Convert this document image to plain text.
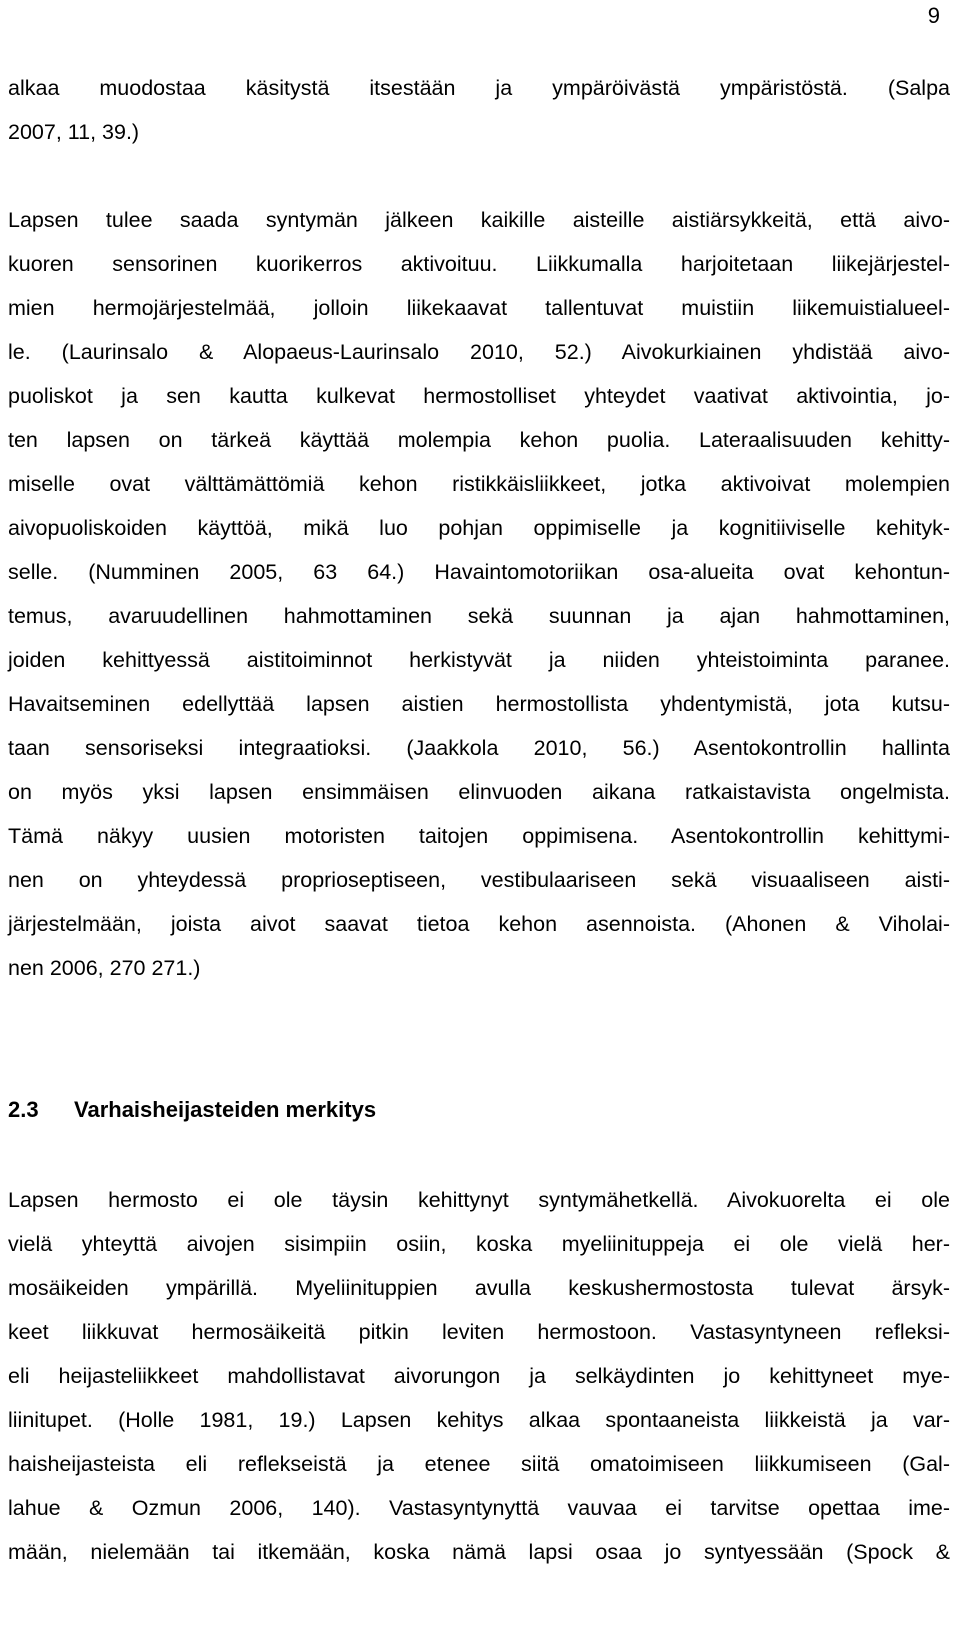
9
alkaa muodostaa käsitystä itsestään ja ympäröivästä ympäristöstä. (Salpa
2007, 11, 39.)
Lapsen tulee saada syntymän jälkeen kaikille aisteille aistiärsykkeitä, että aivo-
kuoren sensorinen kuorikerros aktivoituu. Liikkumalla harjoitetaan liikejärjestel-
mien hermojärjestelmää, jolloin liikekaavat tallentuvat muistiin liikemuistialueel-
le. (Laurinsalo & Alopaeus-Laurinsalo 2010, 52.) Aivokurkiainen yhdistää aivo-
puoliskot ja sen kautta kulkevat hermostolliset yhteydet vaativat aktivointia, jo-
ten lapsen on tärkeä käyttää molempia kehon puolia. Lateraalisuuden kehitty-
miselle ovat välttämättömiä kehon ristikkäisliikkeet, jotka aktivoivat molempien
aivopuoliskoiden käyttöä, mikä luo pohjan oppimiselle ja kognitiiviselle kehityk-
selle. (Numminen 2005, 63 64.) Havaintomotoriikan osa-alueita ovat kehontun-
temus, avaruudellinen hahmottaminen sekä suunnan ja ajan hahmottaminen,
joiden kehittyessä aistitoiminnot herkistyvät ja niiden yhteistoiminta paranee.
Havaitseminen edellyttää lapsen aistien hermostollista yhdentymistä, jota kutsu-
taan sensoriseksi integraatioksi. (Jaakkola 2010, 56.) Asentokontrollin hallinta
on myös yksi lapsen ensimmäisen elinvuoden aikana ratkaistavista ongelmista.
Tämä näkyy uusien motoristen taitojen oppimisena. Asentokontrollin kehittymi-
nen on yhteydessä proprioseptiseen, vestibulaariseen sekä visuaaliseen aisti-
järjestelmään, joista aivot saavat tietoa kehon asennoista. (Ahonen & Viholai-
nen 2006, 270 271.)
2.3 Varhaisheijasteiden merkitys
Lapsen hermosto ei ole täysin kehittynyt syntymähetkellä. Aivokuorelta ei ole
vielä yhteyttä aivojen sisimpiin osiin, koska myeliinituppeja ei ole vielä her-
mosäikeiden ympärillä. Myeliinituppien avulla keskushermostosta tulevat ärsyk-
keet liikkuvat hermosäikeitä pitkin leviten hermostoon. Vastasyntyneen refleksi-
eli heijasteliikkeet mahdollistavat aivorungon ja selkäydinten jo kehittyneet mye-
liinitupet. (Holle 1981, 19.) Lapsen kehitys alkaa spontaaneista liikkeistä ja var-
haisheijasteista eli reflekseistä ja etenee siitä omatoimiseen liikkumiseen (Gal-
lahue & Ozmun 2006, 140). Vastasyntynyttä vauvaa ei tarvitse opettaa ime-
mään, nielemään tai itkemään, koska nämä lapsi osaa jo syntyessään (Spock &
